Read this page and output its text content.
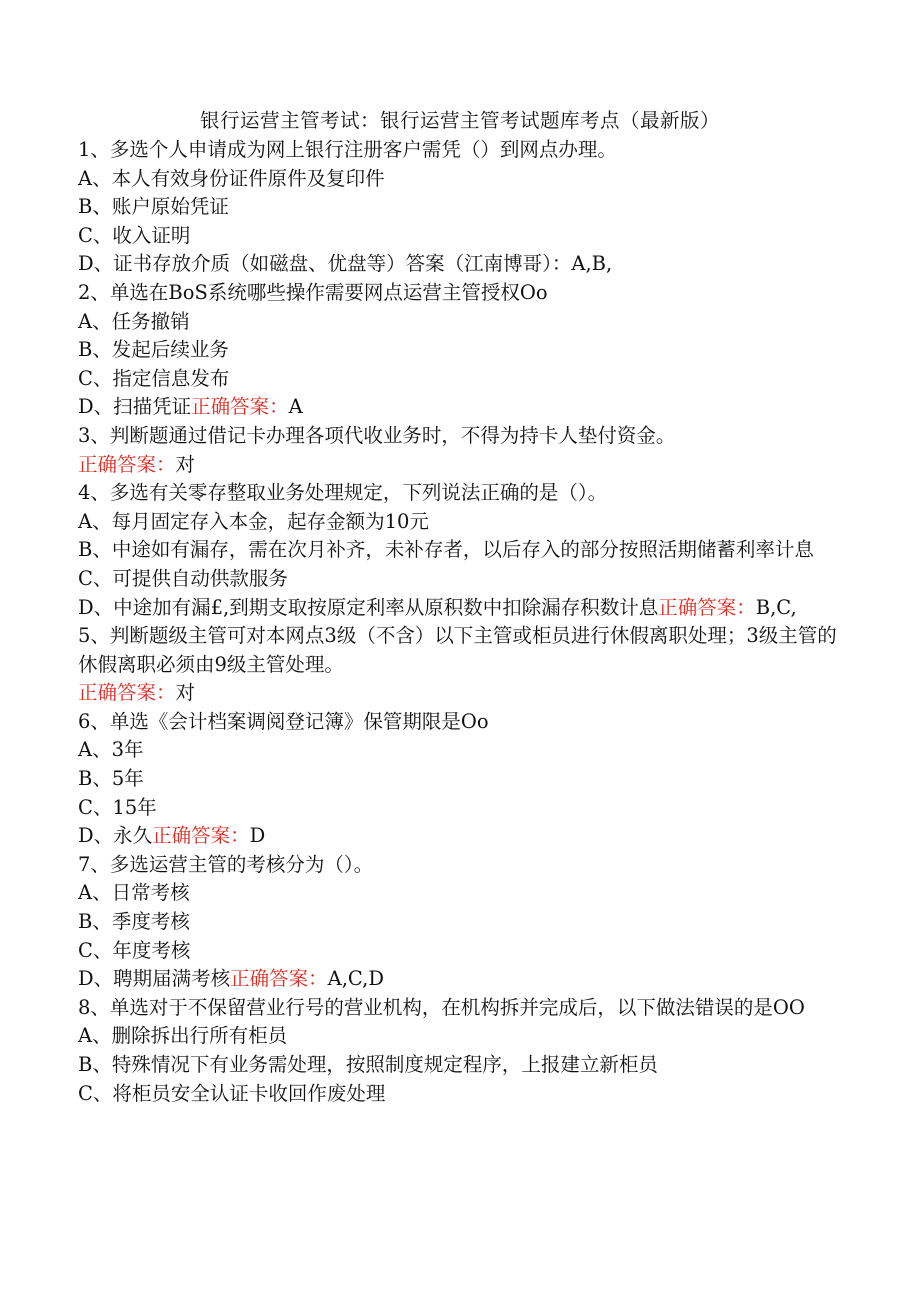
银行运营主管考试：银行运营主管考试题库考点（最新版）
1、多选个人申请成为网上银行注册客户需凭（）到网点办理。
A、本人有效身份证件原件及复印件
B、账户原始凭证
C、收入证明
D、证书存放介质（如磁盘、优盘等）答案（江南博哥）：A,B,
2、单选在BoS系统哪些操作需要网点运营主管授权Oo
A、任务撤销
B、发起后续业务
C、指定信息发布
D、扫描凭证正确答案：A
3、判断题通过借记卡办理各项代收业务时，不得为持卡人垫付资金。
正确答案：对
4、多选有关零存整取业务处理规定，下列说法正确的是（）。
A、每月固定存入本金，起存金额为10元
B、中途如有漏存，需在次月补齐，未补存者，以后存入的部分按照活期储蓄利率计息
C、可提供自动供款服务
D、中途加有漏£,到期支取按原定利率从原积数中扣除漏存积数计息正确答案：B,C,
5、判断题级主管可对本网点3级（不含）以下主管或柜员进行休假离职处理；3级主管的休假离职必须由9级主管处理。
正确答案：对
6、单选《会计档案调阅登记簿》保管期限是Oo
A、3年
B、5年
C、15年
D、永久正确答案：D
7、多选运营主管的考核分为（）。
A、日常考核
B、季度考核
C、年度考核
D、聘期届满考核正确答案：A,C,D
8、单选对于不保留营业行号的营业机构，在机构拆并完成后，以下做法错误的是OO
A、删除拆出行所有柜员
B、特殊情况下有业务需处理，按照制度规定程序，上报建立新柜员
C、将柜员安全认证卡收回作废处理
